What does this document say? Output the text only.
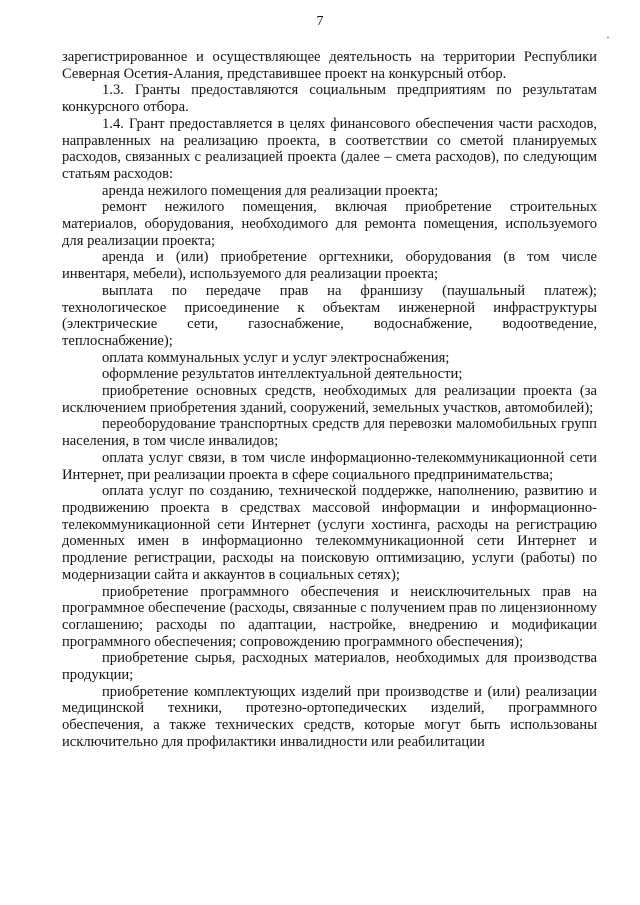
7
·

зарегистрированное и осуществляющее деятельность на территории Республики Северная Осетия-Алания, представившее проект на конкурсный отбор.

1.3. Гранты предоставляются социальным предприятиям по результатам конкурсного отбора.

1.4. Грант предоставляется в целях финансового обеспечения части расходов, направленных на реализацию проекта, в соответствии со сметой планируемых расходов, связанных с реализацией проекта (далее – смета расходов), по следующим статьям расходов:

аренда нежилого помещения для реализации проекта;

ремонт нежилого помещения, включая приобретение строительных материалов, оборудования, необходимого для ремонта помещения, используемого для реализации проекта;

аренда и (или) приобретение оргтехники, оборудования (в том числе инвентаря, мебели), используемого для реализации проекта;

выплата по передаче прав на франшизу (паушальный платеж); технологическое присоединение к объектам инженерной инфраструктуры (электрические сети, газоснабжение, водоснабжение, водоотведение, теплоснабжение);

оплата коммунальных услуг и услуг электроснабжения;

оформление результатов интеллектуальной деятельности;

приобретение основных средств, необходимых для реализации проекта (за исключением приобретения зданий, сооружений, земельных участков, автомобилей);

переоборудование транспортных средств для перевозки маломобильных групп населения, в том числе инвалидов;

оплата услуг связи, в том числе информационно-телекоммуникационной сети Интернет, при реализации проекта в сфере социального предпринимательства;

оплата услуг по созданию, технической поддержке, наполнению, развитию и продвижению проекта в средствах массовой информации и информационно-телекоммуникационной сети Интернет (услуги хостинга, расходы на регистрацию доменных имен в информационно телекоммуникационной сети Интернет и продление регистрации, расходы на поисковую оптимизацию, услуги (работы) по модернизации сайта и аккаунтов в социальных сетях);

приобретение программного обеспечения и неисключительных прав на программное обеспечение (расходы, связанные с получением прав по лицензионному соглашению; расходы по адаптации, настройке, внедрению и модификации программного обеспечения; сопровождению программного обеспечения);

приобретение сырья, расходных материалов, необходимых для производства продукции;

приобретение комплектующих изделий при производстве и (или) реализации медицинской техники, протезно-ортопедических изделий, программного обеспечения, а также технических средств, которые могут быть использованы исключительно для профилактики инвалидности или реабилитации
